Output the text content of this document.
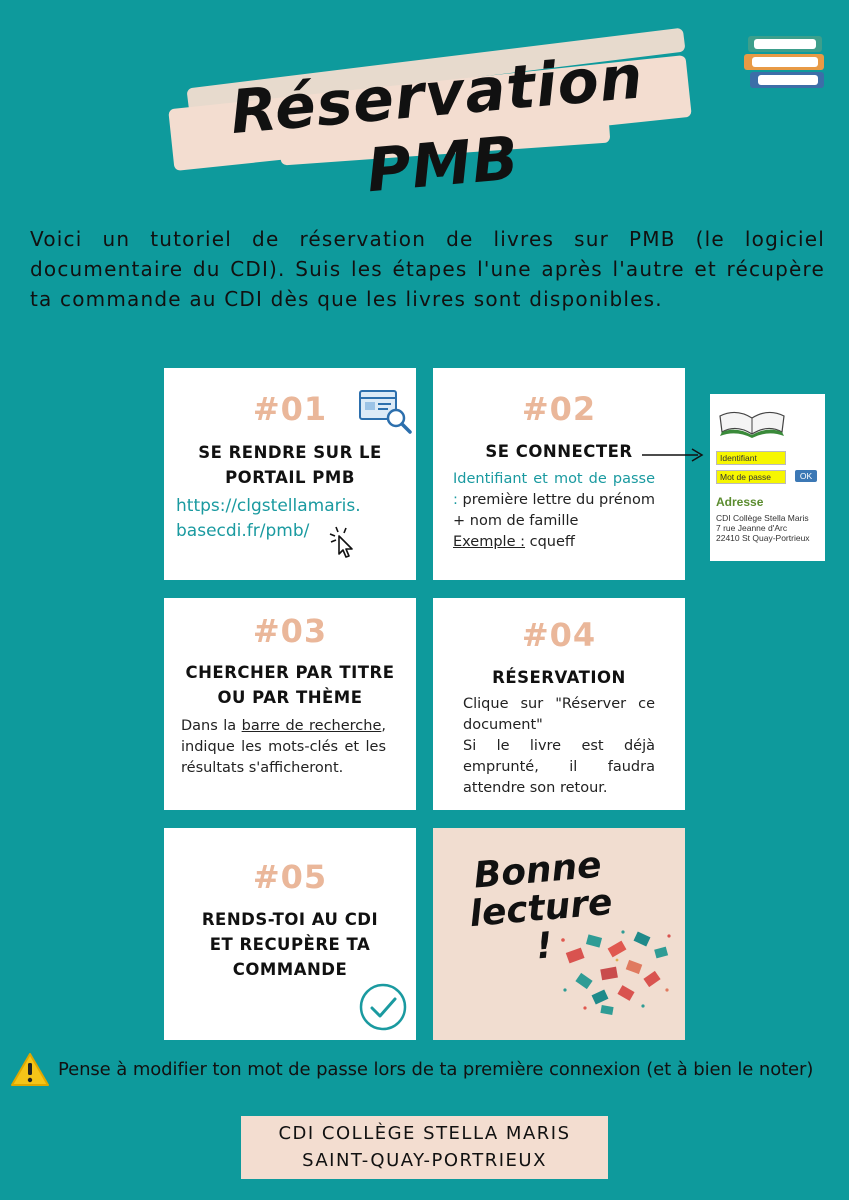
Réservation PMB
Voici un tutoriel de réservation de livres sur PMB (le logiciel documentaire du CDI). Suis les étapes l'une après l'autre et récupère ta commande au CDI dès que les livres sont disponibles.
#01
SE RENDRE SUR LE
PORTAIL PMB
https://clgstellamaris.
basecdi.fr/pmb/
#02
SE CONNECTER
Identifiant et mot de passe : première lettre du prénom + nom de famille
Exemple : cqueff
Identifiant
Mot de passe	OK
Adresse
CDI Collège Stella Maris
7 rue Jeanne d'Arc
22410 St Quay-Portrieux
#03
CHERCHER PAR TITRE
OU PAR THÈME
Dans la barre de recherche, indique les mots-clés et les résultats s'afficheront.
#04
RÉSERVATION
Clique sur "Réserver ce document"
Si le livre est déjà emprunté, il faudra attendre son retour.
#05
RENDS-TOI AU CDI
ET RECUPÈRE TA
COMMANDE
Bonne
lecture !
Pense à modifier ton mot de passe lors de ta première connexion (et à bien le noter)
CDI COLLÈGE STELLA MARIS
SAINT-QUAY-PORTRIEUX
